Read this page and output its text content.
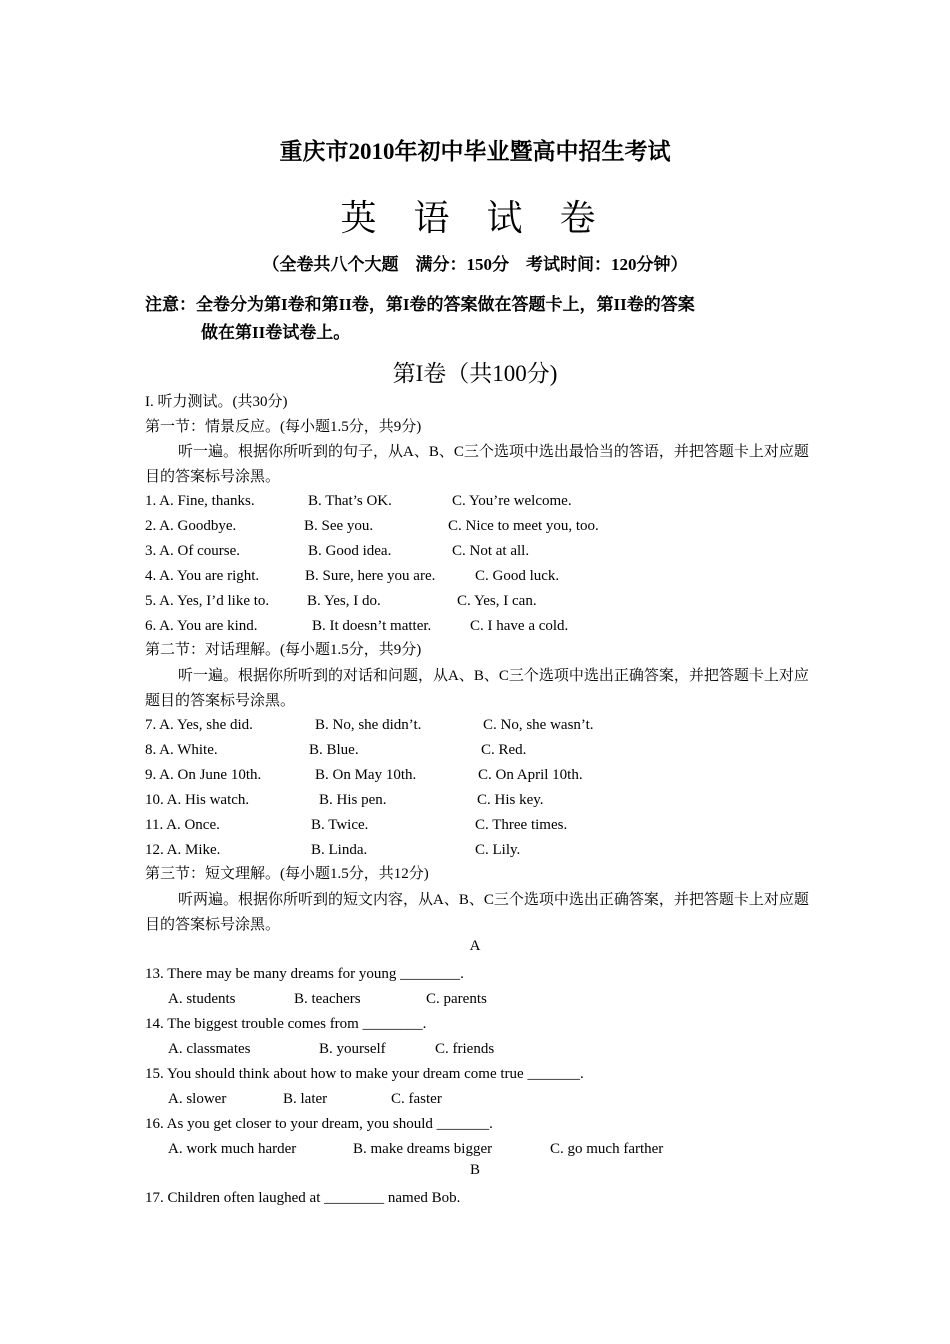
重庆市2010年初中毕业暨高中招生考试
英 语 试 卷
（全卷共八个大题　满分：150分　考试时间：120分钟）
注意：全卷分为第I卷和第II卷，第I卷的答案做在答题卡上，第II卷的答案
做在第II卷试卷上。
第I卷（共100分)
I. 听力测试。(共30分)
第一节：情景反应。(每小题1.5分，共9分)
听一遍。根据你所听到的句子，从A、B、C三个选项中选出最恰当的答语，并把答题卡上对应题目的答案标号涂黑。
1. A. Fine, thanks.	B. That’s OK.	C. You’re welcome.
2. A. Goodbye.	B. See you.	C. Nice to meet you, too.
3. A. Of course.	B. Good idea.	C. Not at all.
4. A. You are right.	B. Sure, here you are.	C. Good luck.
5. A. Yes, I’d like to.	B. Yes, I do.	C. Yes, I can.
6. A. You are kind.	B. It doesn’t matter.	C. I have a cold.
第二节：对话理解。(每小题1.5分，共9分)
听一遍。根据你所听到的对话和问题，从A、B、C三个选项中选出正确答案，并把答题卡上对应题目的答案标号涂黑。
7. A. Yes, she did.	B. No, she didn’t.	C. No, she wasn’t.
8. A. White.	B. Blue.	C. Red.
9. A. On June 10th.	B. On May 10th.	C. On April 10th.
10. A. His watch.	B. His pen.	C. His key.
11. A. Once.	B. Twice.	C. Three times.
12. A. Mike.	B. Linda.	C. Lily.
第三节：短文理解。(每小题1.5分，共12分)
听两遍。根据你所听到的短文内容，从A、B、C三个选项中选出正确答案，并把答题卡上对应题目的答案标号涂黑。
A
13. There may be many dreams for young ________.
A. students	B. teachers	C. parents
14. The biggest trouble comes from ________.
A. classmates	B. yourself	C. friends
15. You should think about how to make your dream come true _______.
A. slower	B. later	C. faster
16. As you get closer to your dream, you should _______.
A. work much harder	B. make dreams bigger	C. go much farther
B
17. Children often laughed at ________ named Bob.
